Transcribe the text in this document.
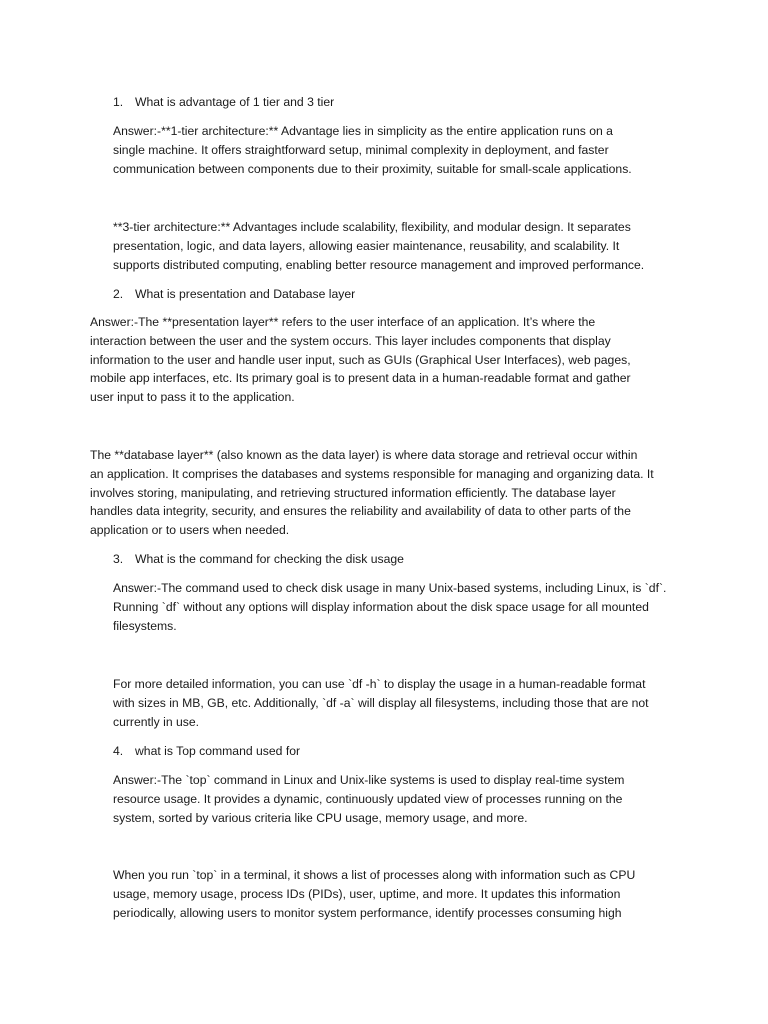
1. What is advantage of 1 tier and 3 tier

Answer:-**1-tier architecture:** Advantage lies in simplicity as the entire application runs on a
single machine. It offers straightforward setup, minimal complexity in deployment, and faster
communication between components due to their proximity, suitable for small-scale applications.

**3-tier architecture:** Advantages include scalability, flexibility, and modular design. It separates
presentation, logic, and data layers, allowing easier maintenance, reusability, and scalability. It
supports distributed computing, enabling better resource management and improved performance.

2. What is presentation and Database layer

Answer:-The **presentation layer** refers to the user interface of an application. It’s where the
interaction between the user and the system occurs. This layer includes components that display
information to the user and handle user input, such as GUIs (Graphical User Interfaces), web pages,
mobile app interfaces, etc. Its primary goal is to present data in a human-readable format and gather
user input to pass it to the application.

The **database layer** (also known as the data layer) is where data storage and retrieval occur within
an application. It comprises the databases and systems responsible for managing and organizing data. It
involves storing, manipulating, and retrieving structured information efficiently. The database layer
handles data integrity, security, and ensures the reliability and availability of data to other parts of the
application or to users when needed.

3. What is the command for checking the disk usage

Answer:-The command used to check disk usage in many Unix-based systems, including Linux, is `df`.
Running `df` without any options will display information about the disk space usage for all mounted
filesystems.

For more detailed information, you can use `df -h` to display the usage in a human-readable format
with sizes in MB, GB, etc. Additionally, `df -a` will display all filesystems, including those that are not
currently in use.

4. what is Top command used for

Answer:-The `top` command in Linux and Unix-like systems is used to display real-time system
resource usage. It provides a dynamic, continuously updated view of processes running on the
system, sorted by various criteria like CPU usage, memory usage, and more.

When you run `top` in a terminal, it shows a list of processes along with information such as CPU
usage, memory usage, process IDs (PIDs), user, uptime, and more. It updates this information
periodically, allowing users to monitor system performance, identify processes consuming high
